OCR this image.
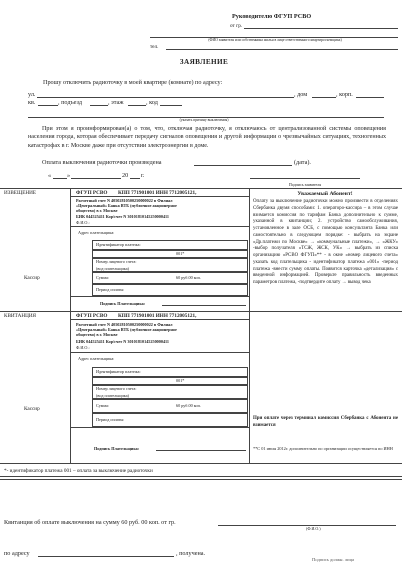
Руководителю ФГУП РСВО
от гр.
(ФИО заявителя или собственника жилья в лице ответственного квартиросъемщика)
тел.
ЗАЯВЛЕНИЕ
Прошу отключить радиоточку в моей квартире (комнате) по адресу:
ул.	, дом	, корп.
кв.	, подъезд	, этаж	, код
(указать причину выключения)
При этом я проинформирован(а) о том, что, отключая радиоточку, я отключаюсь от централизованной системы оповещения населения города, которая обеспечивает передачу сигналов оповещения и другой информации о чрезвычайных ситуациях, техногенных катастрофах в г. Москве даже при отсутствии электроэнергии в доме.
Оплата выключения радиоточки произведена	(дата).
«	»	20 г.
Подпись заявителя
ИЗВЕЩЕНИЕ
Кассир
КВИТАНЦИЯ
Кассир
ФГУП РСВО КПП 771901001 ИНН 7712005121,
Расчетный счет N 40502810500250000022 в Филиал
«Центральный» Банка ВТБ (публичное акционерное
общество) в г. Москве
БИК 044525411 Кор/счет N 30101810145250000411
Ф.И.О.:
Адрес плательщика:
Идентификатор платежа:
001*
Номер лицевого счета:
(вод плательщика)
Сумма:	60 руб.00 коп.
Период оплаты:
Подпись Плательщика:
ФГУП РСВО КПП 771901001 ИНН 7712005121,
Расчетный счет N 40502810500250000022 в Филиал
«Центральный» Банка ВТБ (публичное акционерное
общество) в г. Москве
БИК 044525411 Кор/счет N 30101810145250000411
Ф.И.О.:
Адрес плательщика:
Идентификатор платежа:
001*
Номер лицевого счета:
(вод плательщика)
Сумма:	60 руб.00 коп.
Период оплаты:
Подпись Плательщика:
Уважаемый Абонент!
Оплату за выключение радиоточки можно произвести в отделениях Сбербанка двумя способами: 1. операторо-кассира – в этом случае взимается комиссия по тарифам Банка дополнительно к сумме, указанной в квитанции; 2. устройство самообслуживания, установленное в зале ОСБ, с помощью консультанта Банка или самостоятельно в следующем порядке: - выбрать на экране «Др.платежи по Москве» → «коммунальные платежи», → «ЖКУ» -выбор получателя «ТСЖ, ЖСК, УК» → выбрать из списка организацию «РСВО ФГУП»** - в окне «номер лицевого счета» указать код плательщика - идентификатор платежа «001» -период платежа -внести сумму оплаты. Появится карточка «детализация» с введенной информацией. Проверьте правильность введенных параметров платежа, -подтвердите оплату → вывод чека
При оплате через терминал комиссия Сбербанка с Абонента не взимается
**С 01 июля 2012г. дополнительно по организации осуществляется по ИНН
*- идентификатор платежа 001 – оплата за выключение радиоточки
Квитанция об оплате выключения на сумму 60 руб. 00 коп. от гр.
(Ф.И.О.)
по адресу	, получена.
Подпись должн. лица
